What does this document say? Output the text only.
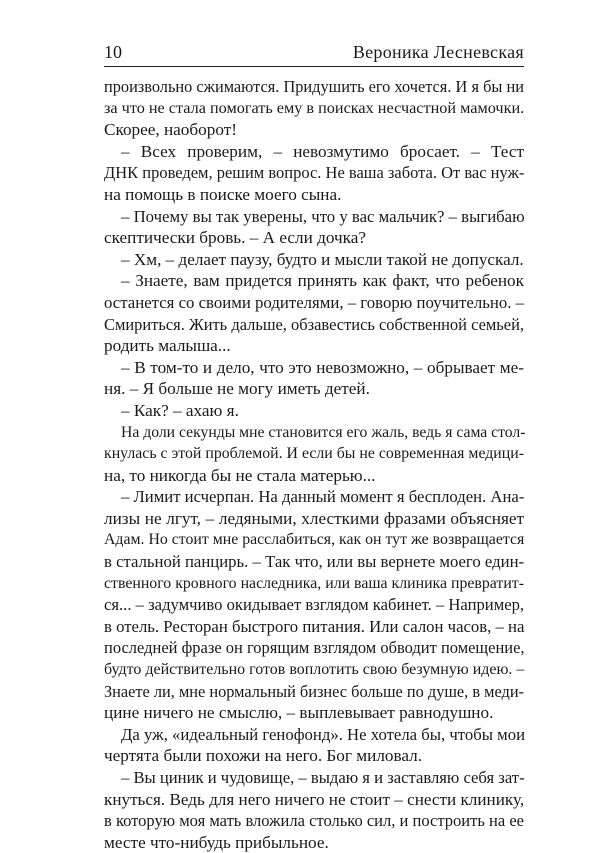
10	Вероника Лесневская
произвольно сжимаются. Придушить его хочется. И я бы ни
за что не стала помогать ему в поисках несчастной мамочки.
Скорее, наоборот!
– Всех проверим, – невозмутимо бросает. – Тест
ДНК проведем, решим вопрос. Не ваша забота. От вас нуж-
на помощь в поиске моего сына.
– Почему вы так уверены, что у вас мальчик? – выгибаю
скептически бровь. – А если дочка?
– Хм, – делает паузу, будто и мысли такой не допускал.
– Знаете, вам придется принять как факт, что ребенок
останется со своими родителями, – говорю поучительно. –
Смириться. Жить дальше, обзавестись собственной семьей,
родить малыша...
– В том-то и дело, что это невозможно, – обрывает ме-
ня. – Я больше не могу иметь детей.
– Как? – ахаю я.
На доли секунды мне становится его жаль, ведь я сама стол-
кнулась с этой проблемой. И если бы не современная медици-
на, то никогда бы не стала матерью...
– Лимит исчерпан. На данный момент я бесплоден. Ана-
лизы не лгут, – ледяными, хлесткими фразами объясняет
Адам. Но стоит мне расслабиться, как он тут же возвращается
в стальной панцирь. – Так что, или вы вернете моего един-
ственного кровного наследника, или ваша клиника превратит-
ся... – задумчиво окидывает взглядом кабинет. – Например,
в отель. Ресторан быстрого питания. Или салон часов, – на
последней фразе он горящим взглядом обводит помещение,
будто действительно готов воплотить свою безумную идею. –
Знаете ли, мне нормальный бизнес больше по душе, в меди-
цине ничего не смыслю, – выплевывает равнодушно.
Да уж, «идеальный генофонд». Не хотела бы, чтобы мои
чертята были похожи на него. Бог миловал.
– Вы циник и чудовище, – выдаю я и заставляю себя зат-
кнуться. Ведь для него ничего не стоит – снести клинику,
в которую моя мать вложила столько сил, и построить на ее
месте что-нибудь прибыльное.
